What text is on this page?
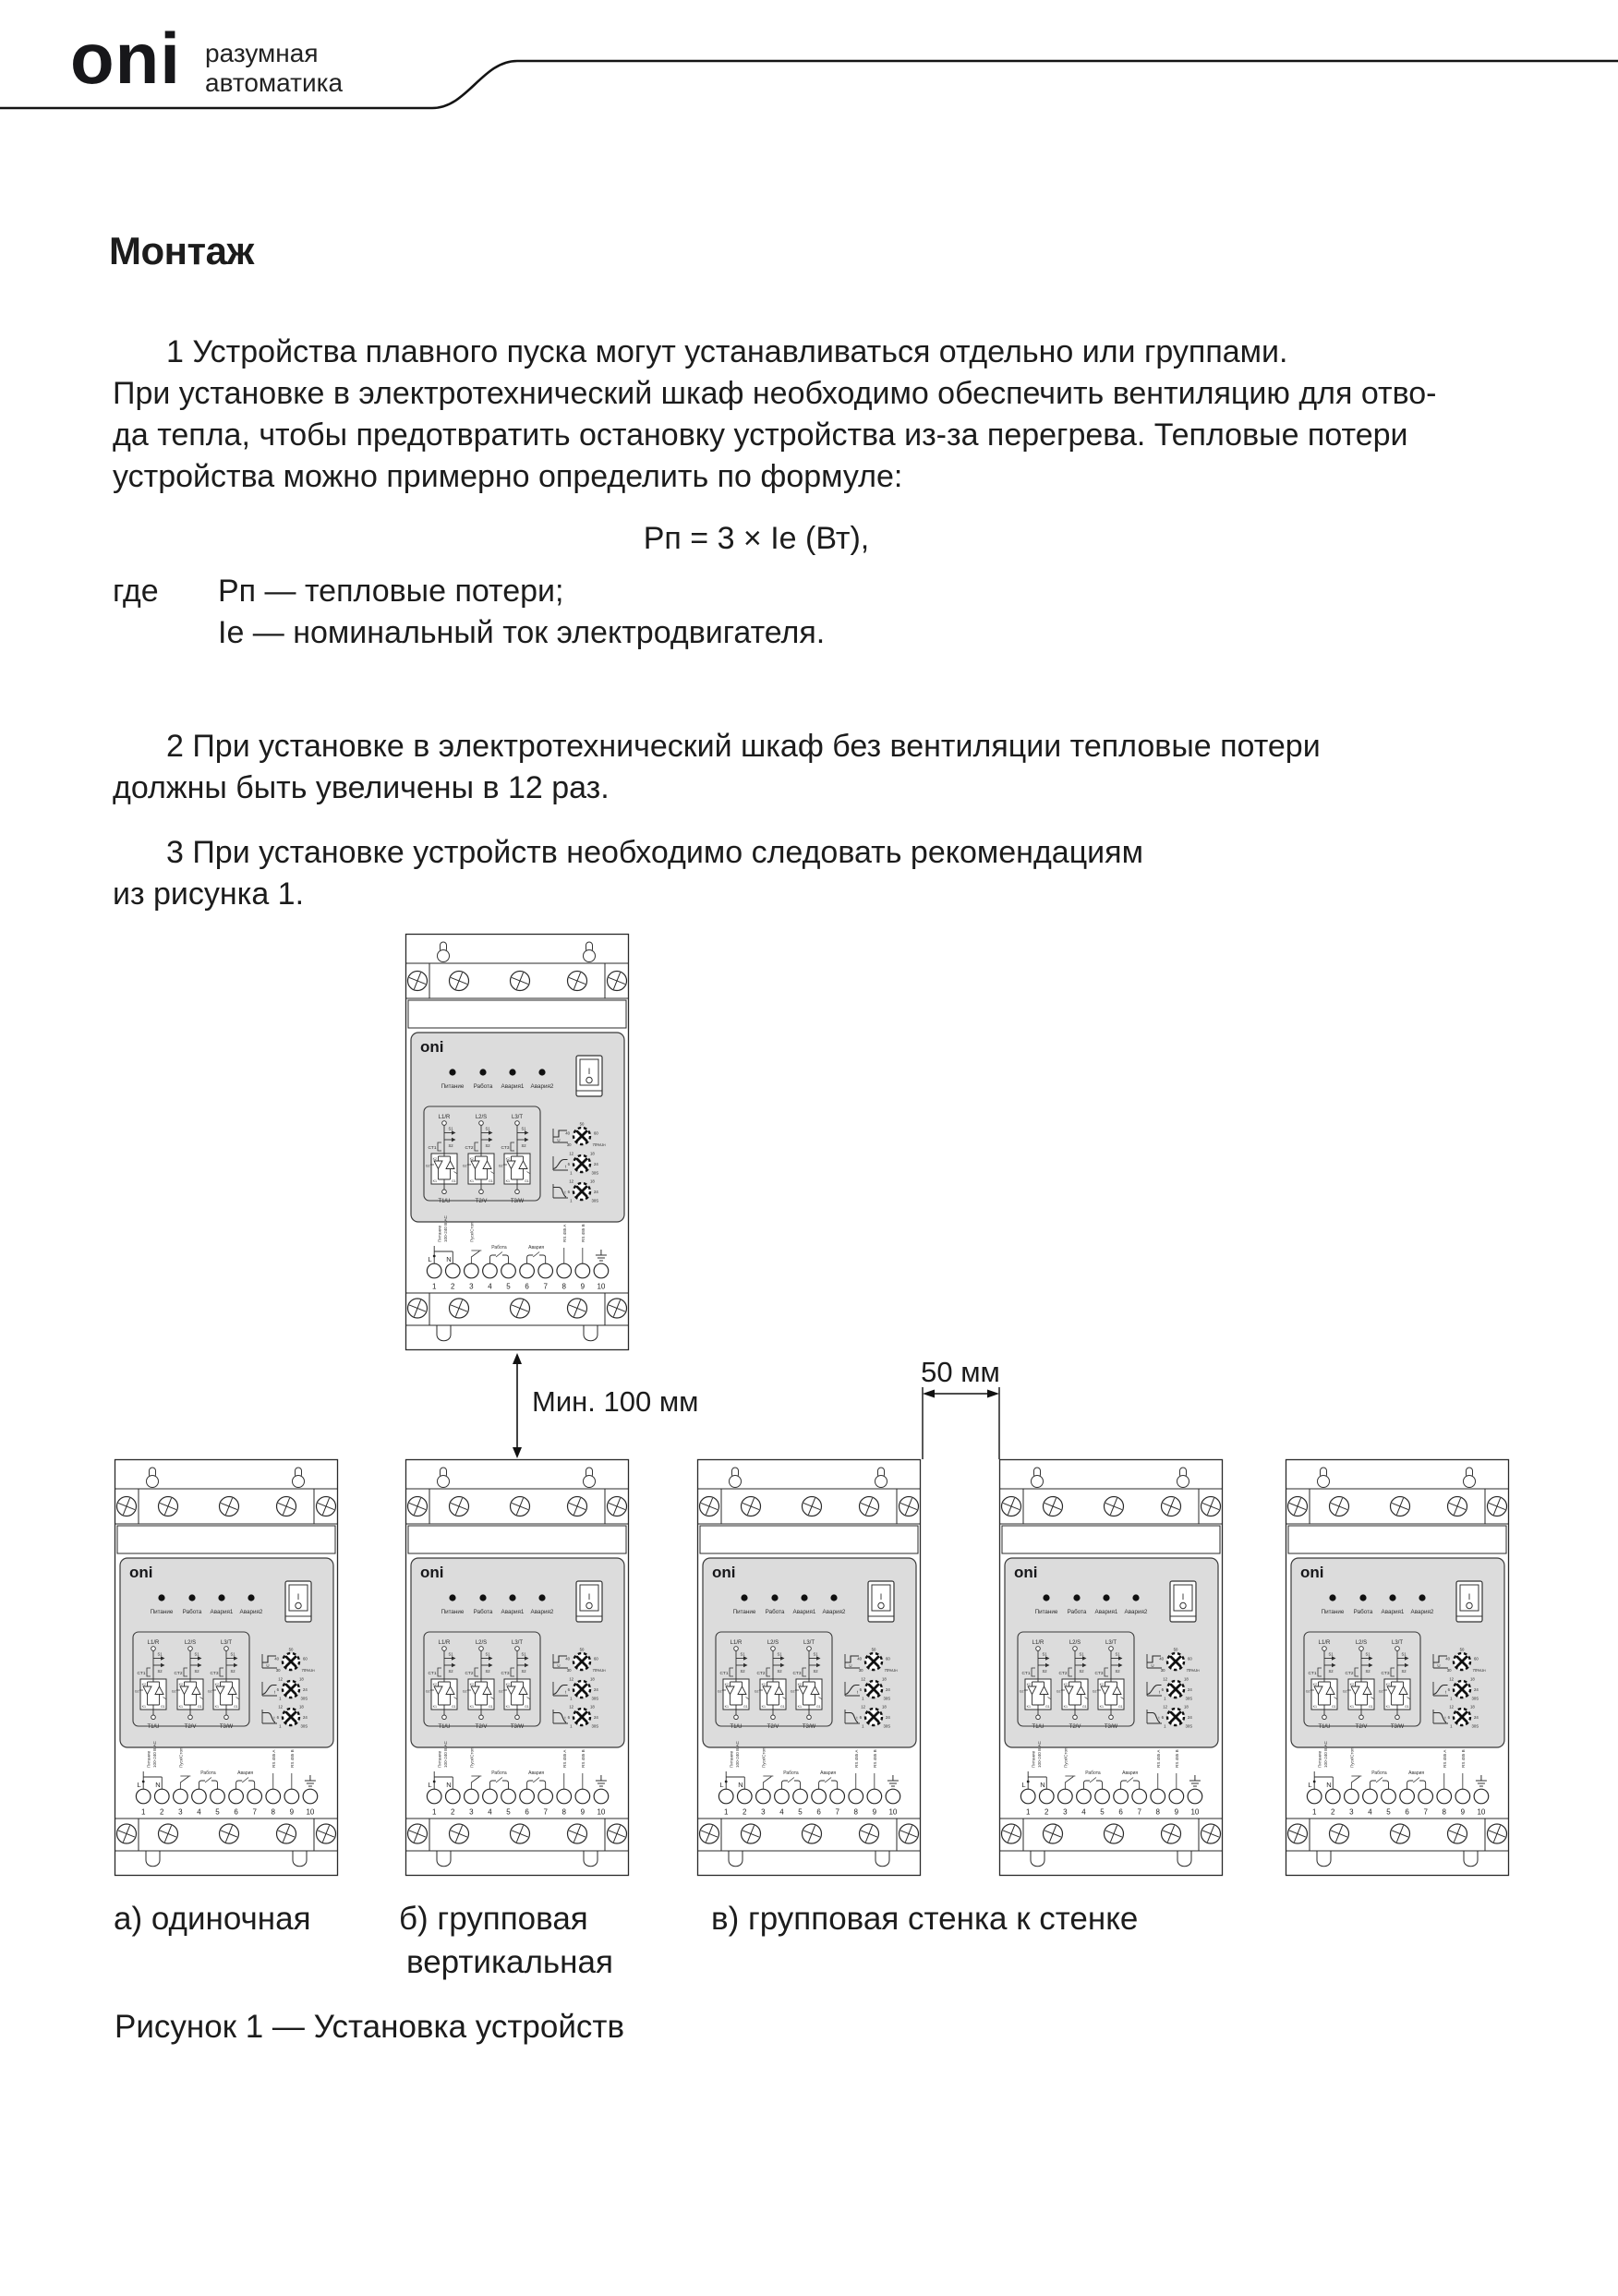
oni разумная
автоматика
Монтаж
1 Устройства плавного пуска могут устанавливаться отдельно или группами.
При установке в электротехнический шкаф необходимо обеспечить вентиляцию для отво-
да тепла, чтобы предотвратить остановку устройства из-за перегрева. Тепловые потери
устройства можно примерно определить по формуле:
Рп = 3 × Ie (Вт),
где Рп — тепловые потери;
Ie — номинальный ток электродвигателя.
2 При установке в электротехнический шкаф без вентиляции тепловые потери
должны быть увеличены в 12 раз.
3 При установке устройств необходимо следовать рекомендациям
из рисунка 1.
Мин. 100 мм
50 мм
а) одиночная	б) групповая
вертикальная
в) групповая стенка к стенке
Рисунок 1 — Установка устройств
